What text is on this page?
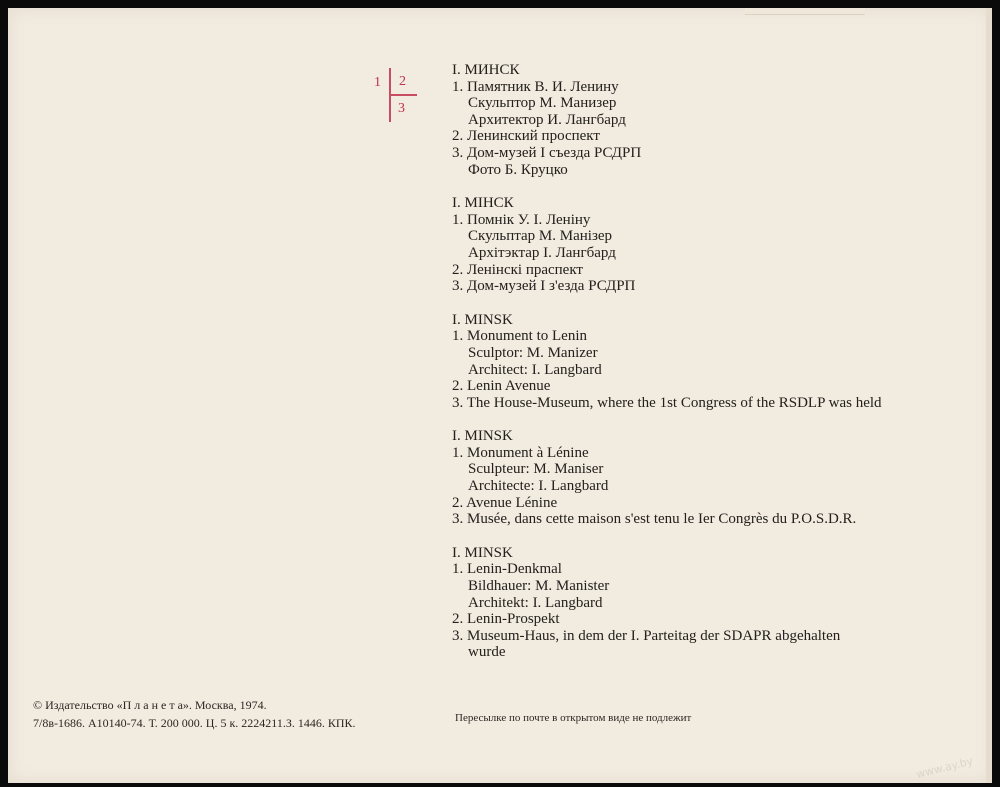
1 2
3
I. МИНСК
1. Памятник В. И. Ленину
Скульптор М. Манизер
Архитектор И. Лангбард
2. Ленинский проспект
3. Дом-музей I съезда РСДРП
Фото Б. Круцко
I. МIНСК
1. Помнiк У. I. Ленiну
Скульптар М. Манiзер
Архiтэктар I. Лангбард
2. Ленiнскi праспект
3. Дом-музей I з'езда РСДРП
I. MINSK
1. Monument to Lenin
Sculptor: M. Manizer
Architect: I. Langbard
2. Lenin Avenue
3. The House-Museum, where the 1st Congress of the RSDLP was held
I. MINSK
1. Monument à Lénine
Sculpteur: M. Maniser
Architecte: I. Langbard
2. Avenue Lénine
3. Musée, dans cette maison s'est tenu le Ier Congrès du P.O.S.D.R.
I. MINSK
1. Lenin-Denkmal
Bildhauer: M. Manister
Architekt: I. Langbard
2. Lenin-Prospekt
3. Museum-Haus, in dem der I. Parteitag der SDAPR abgehalten
wurde
© Издательство «П л а н е т а». Москва, 1974.
7/8в-1686. А10140-74. Т. 200 000. Ц. 5 к. 2224211.З. 1446. КПК.	Пересылке по почте в открытом виде не подлежит
www.ay.by
